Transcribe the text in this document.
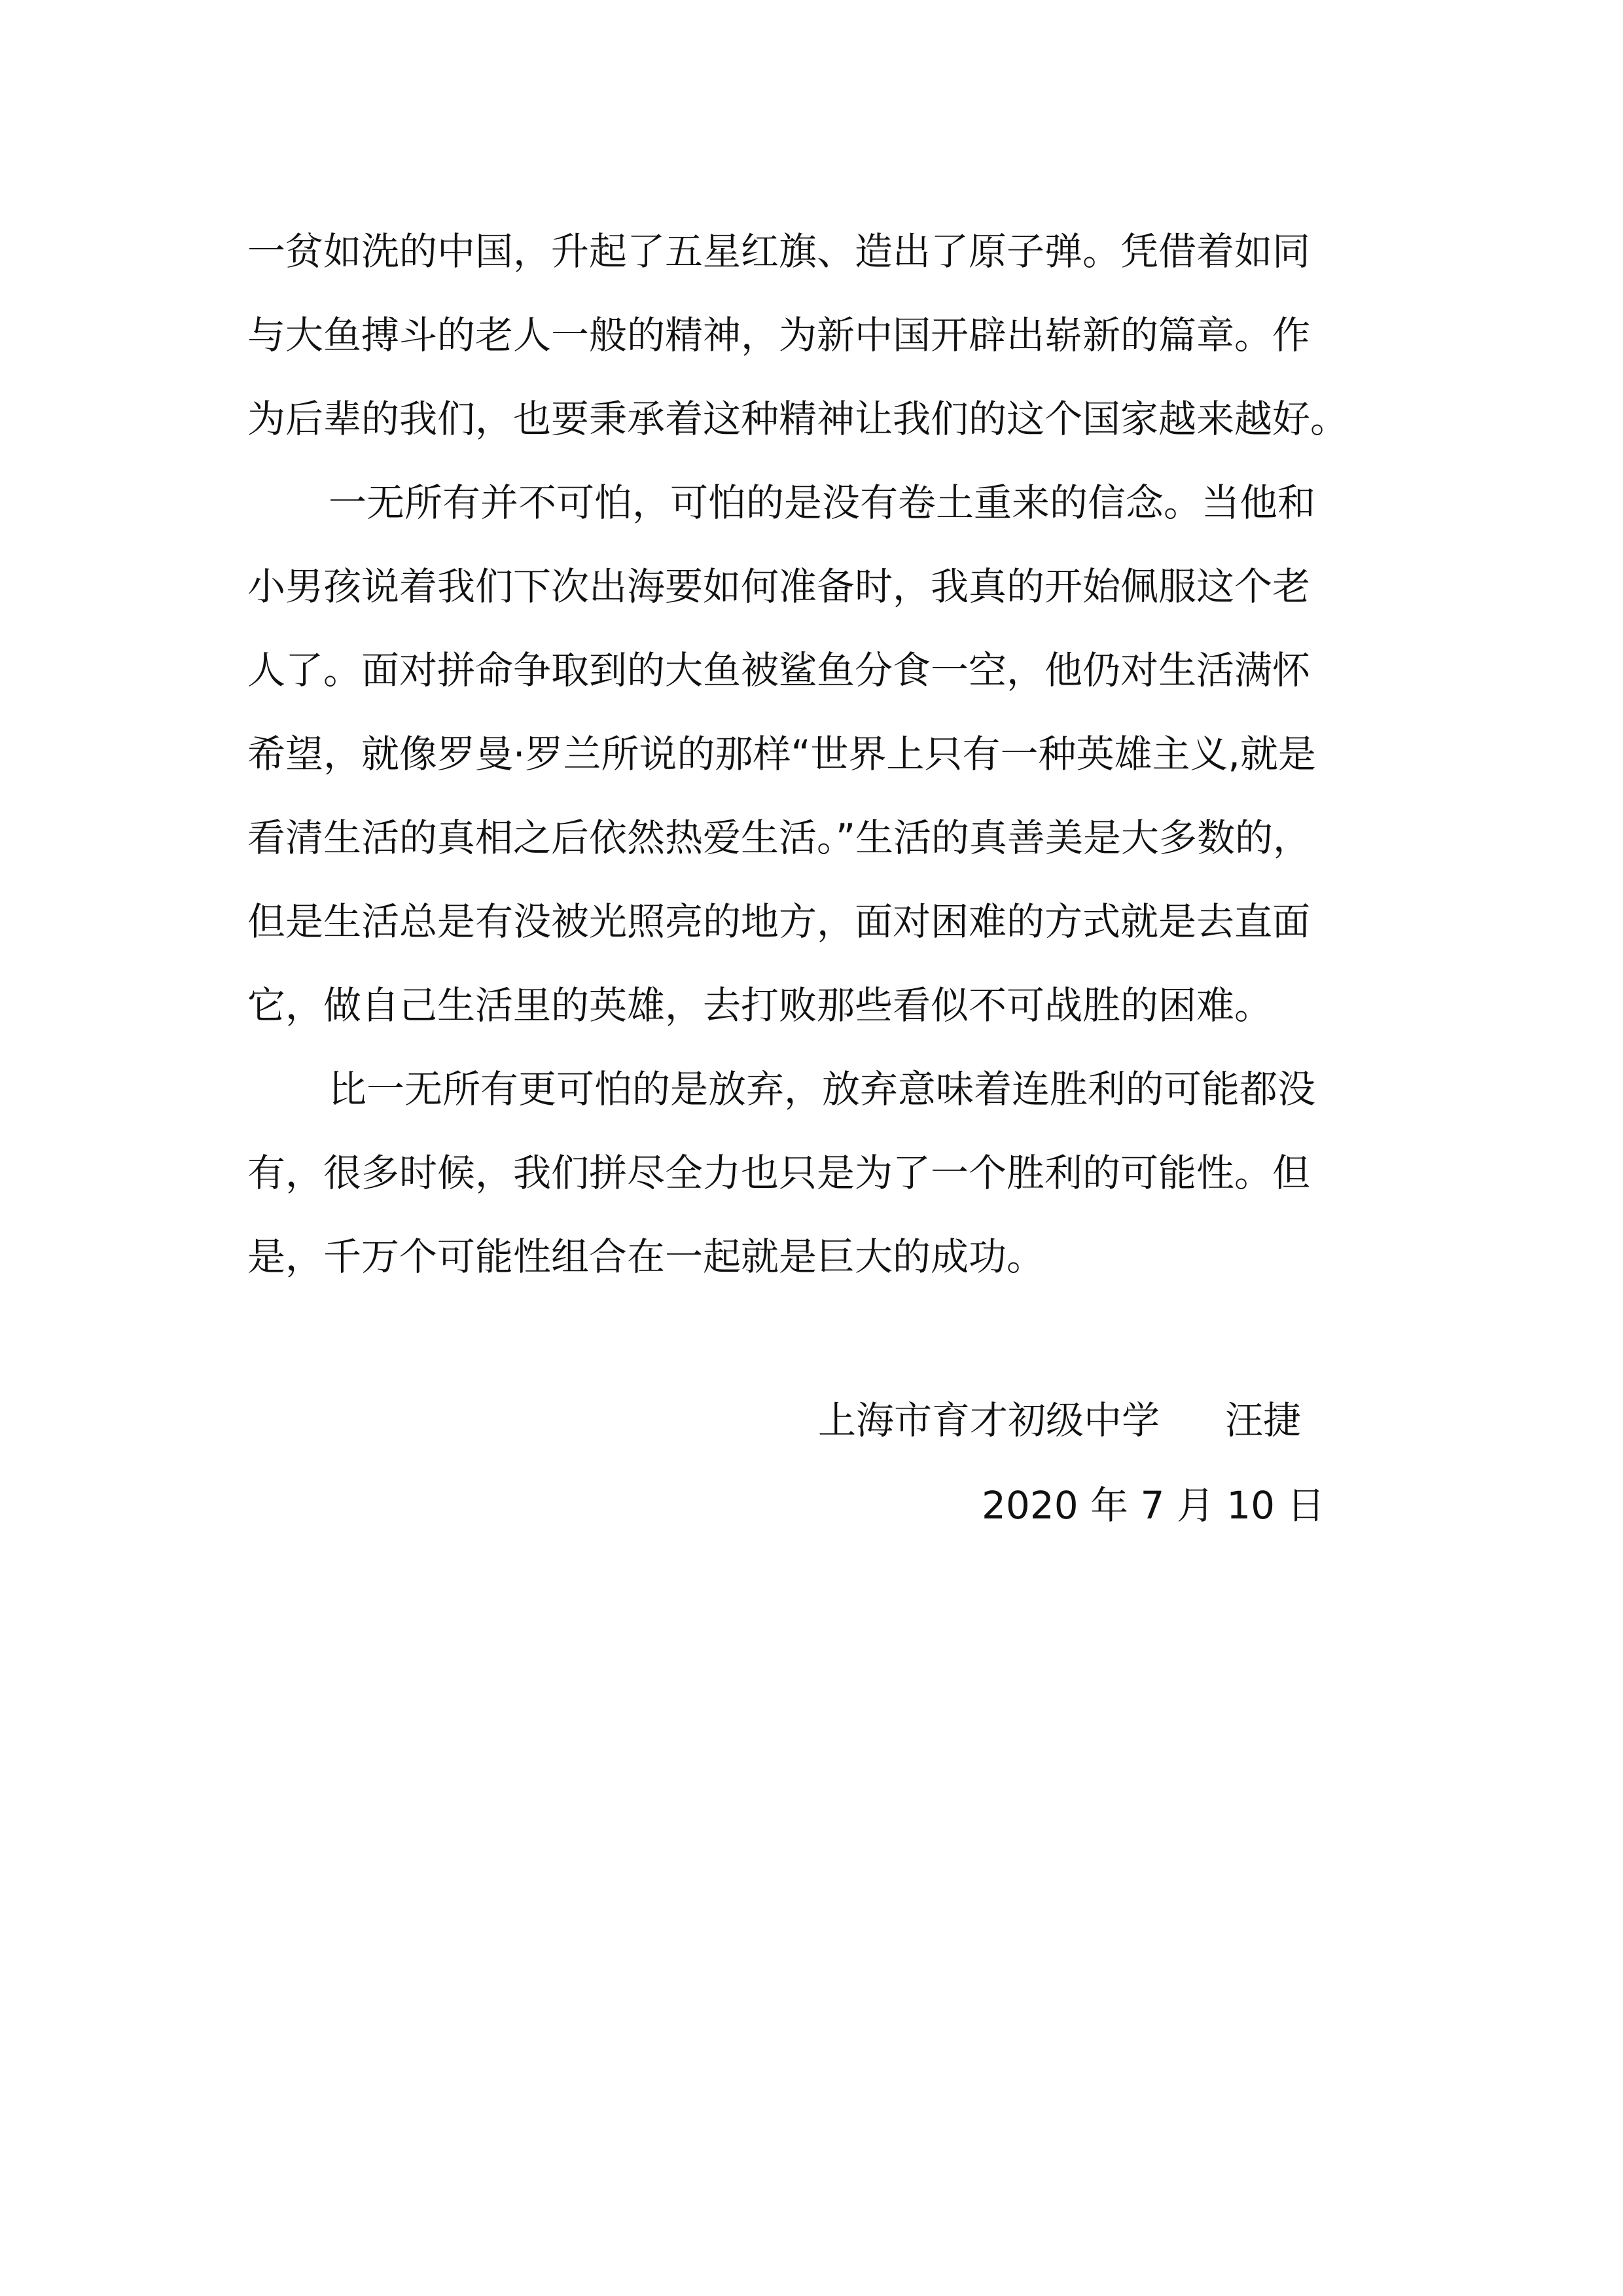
一贫如洗的中国，升起了五星红旗、造出了原子弹。凭借着如同
与大鱼搏斗的老人一般的精神，为新中国开辟出崭新的篇章。作
为后辈的我们，也要秉承着这种精神让我们的这个国家越来越好。
一无所有并不可怕，可怕的是没有卷土重来的信念。当他和
小男孩说着我们下次出海要如何准备时，我真的开始佩服这个老
人了。面对拼命争取到的大鱼被鲨鱼分食一空，他仍对生活满怀
希望，就像罗曼·罗兰所说的那样“世界上只有一种英雄主义,就是
看清生活的真相之后依然热爱生活。”生活的真善美是大多数的，
但是生活总是有没被光照亮的地方，面对困难的方式就是去直面
它，做自己生活里的英雄，去打败那些看似不可战胜的困难。
比一无所有更可怕的是放弃，放弃意味着连胜利的可能都没
有，很多时候，我们拼尽全力也只是为了一个胜利的可能性。但
是，千万个可能性组合在一起就是巨大的成功。
上海市育才初级中学 汪捷
2020 年 7 月 10 日
